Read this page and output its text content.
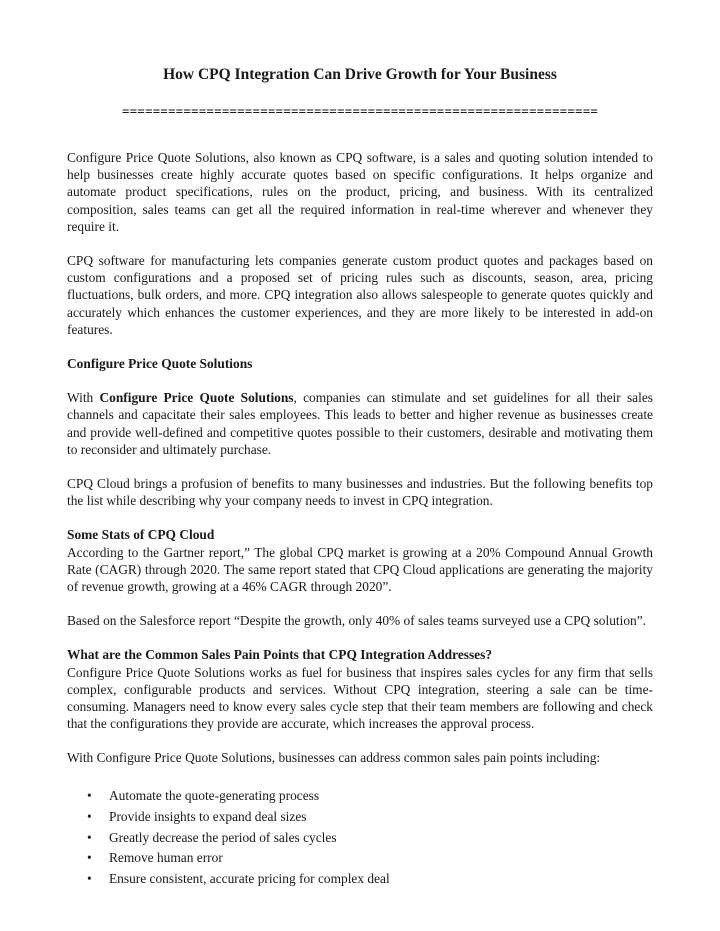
How CPQ Integration Can Drive Growth for Your Business
==============================================================

Configure Price Quote Solutions, also known as CPQ software, is a sales and quoting solution intended to help businesses create highly accurate quotes based on specific configurations. It helps organize and automate product specifications, rules on the product, pricing, and business. With its centralized composition, sales teams can get all the required information in real-time wherever and whenever they require it.

CPQ software for manufacturing lets companies generate custom product quotes and packages based on custom configurations and a proposed set of pricing rules such as discounts, season, area, pricing fluctuations, bulk orders, and more. CPQ integration also allows salespeople to generate quotes quickly and accurately which enhances the customer experiences, and they are more likely to be interested in add-on features.

Configure Price Quote Solutions

With Configure Price Quote Solutions, companies can stimulate and set guidelines for all their sales channels and capacitate their sales employees. This leads to better and higher revenue as businesses create and provide well-defined and competitive quotes possible to their customers, desirable and motivating them to reconsider and ultimately purchase.

CPQ Cloud brings a profusion of benefits to many businesses and industries. But the following benefits top the list while describing why your company needs to invest in CPQ integration.

Some Stats of CPQ Cloud

According to the Gartner report,” The global CPQ market is growing at a 20% Compound Annual Growth Rate (CAGR) through 2020. The same report stated that CPQ Cloud applications are generating the majority of revenue growth, growing at a 46% CAGR through 2020”.

Based on the Salesforce report “Despite the growth, only 40% of sales teams surveyed use a CPQ solution”.

What are the Common Sales Pain Points that CPQ Integration Addresses?

Configure Price Quote Solutions works as fuel for business that inspires sales cycles for any firm that sells complex, configurable products and services. Without CPQ integration, steering a sale can be time-consuming. Managers need to know every sales cycle step that their team members are following and check that the configurations they provide are accurate, which increases the approval process.

With Configure Price Quote Solutions, businesses can address common sales pain points including:

• Automate the quote-generating process
• Provide insights to expand deal sizes
• Greatly decrease the period of sales cycles
• Remove human error
• Ensure consistent, accurate pricing for complex deal
